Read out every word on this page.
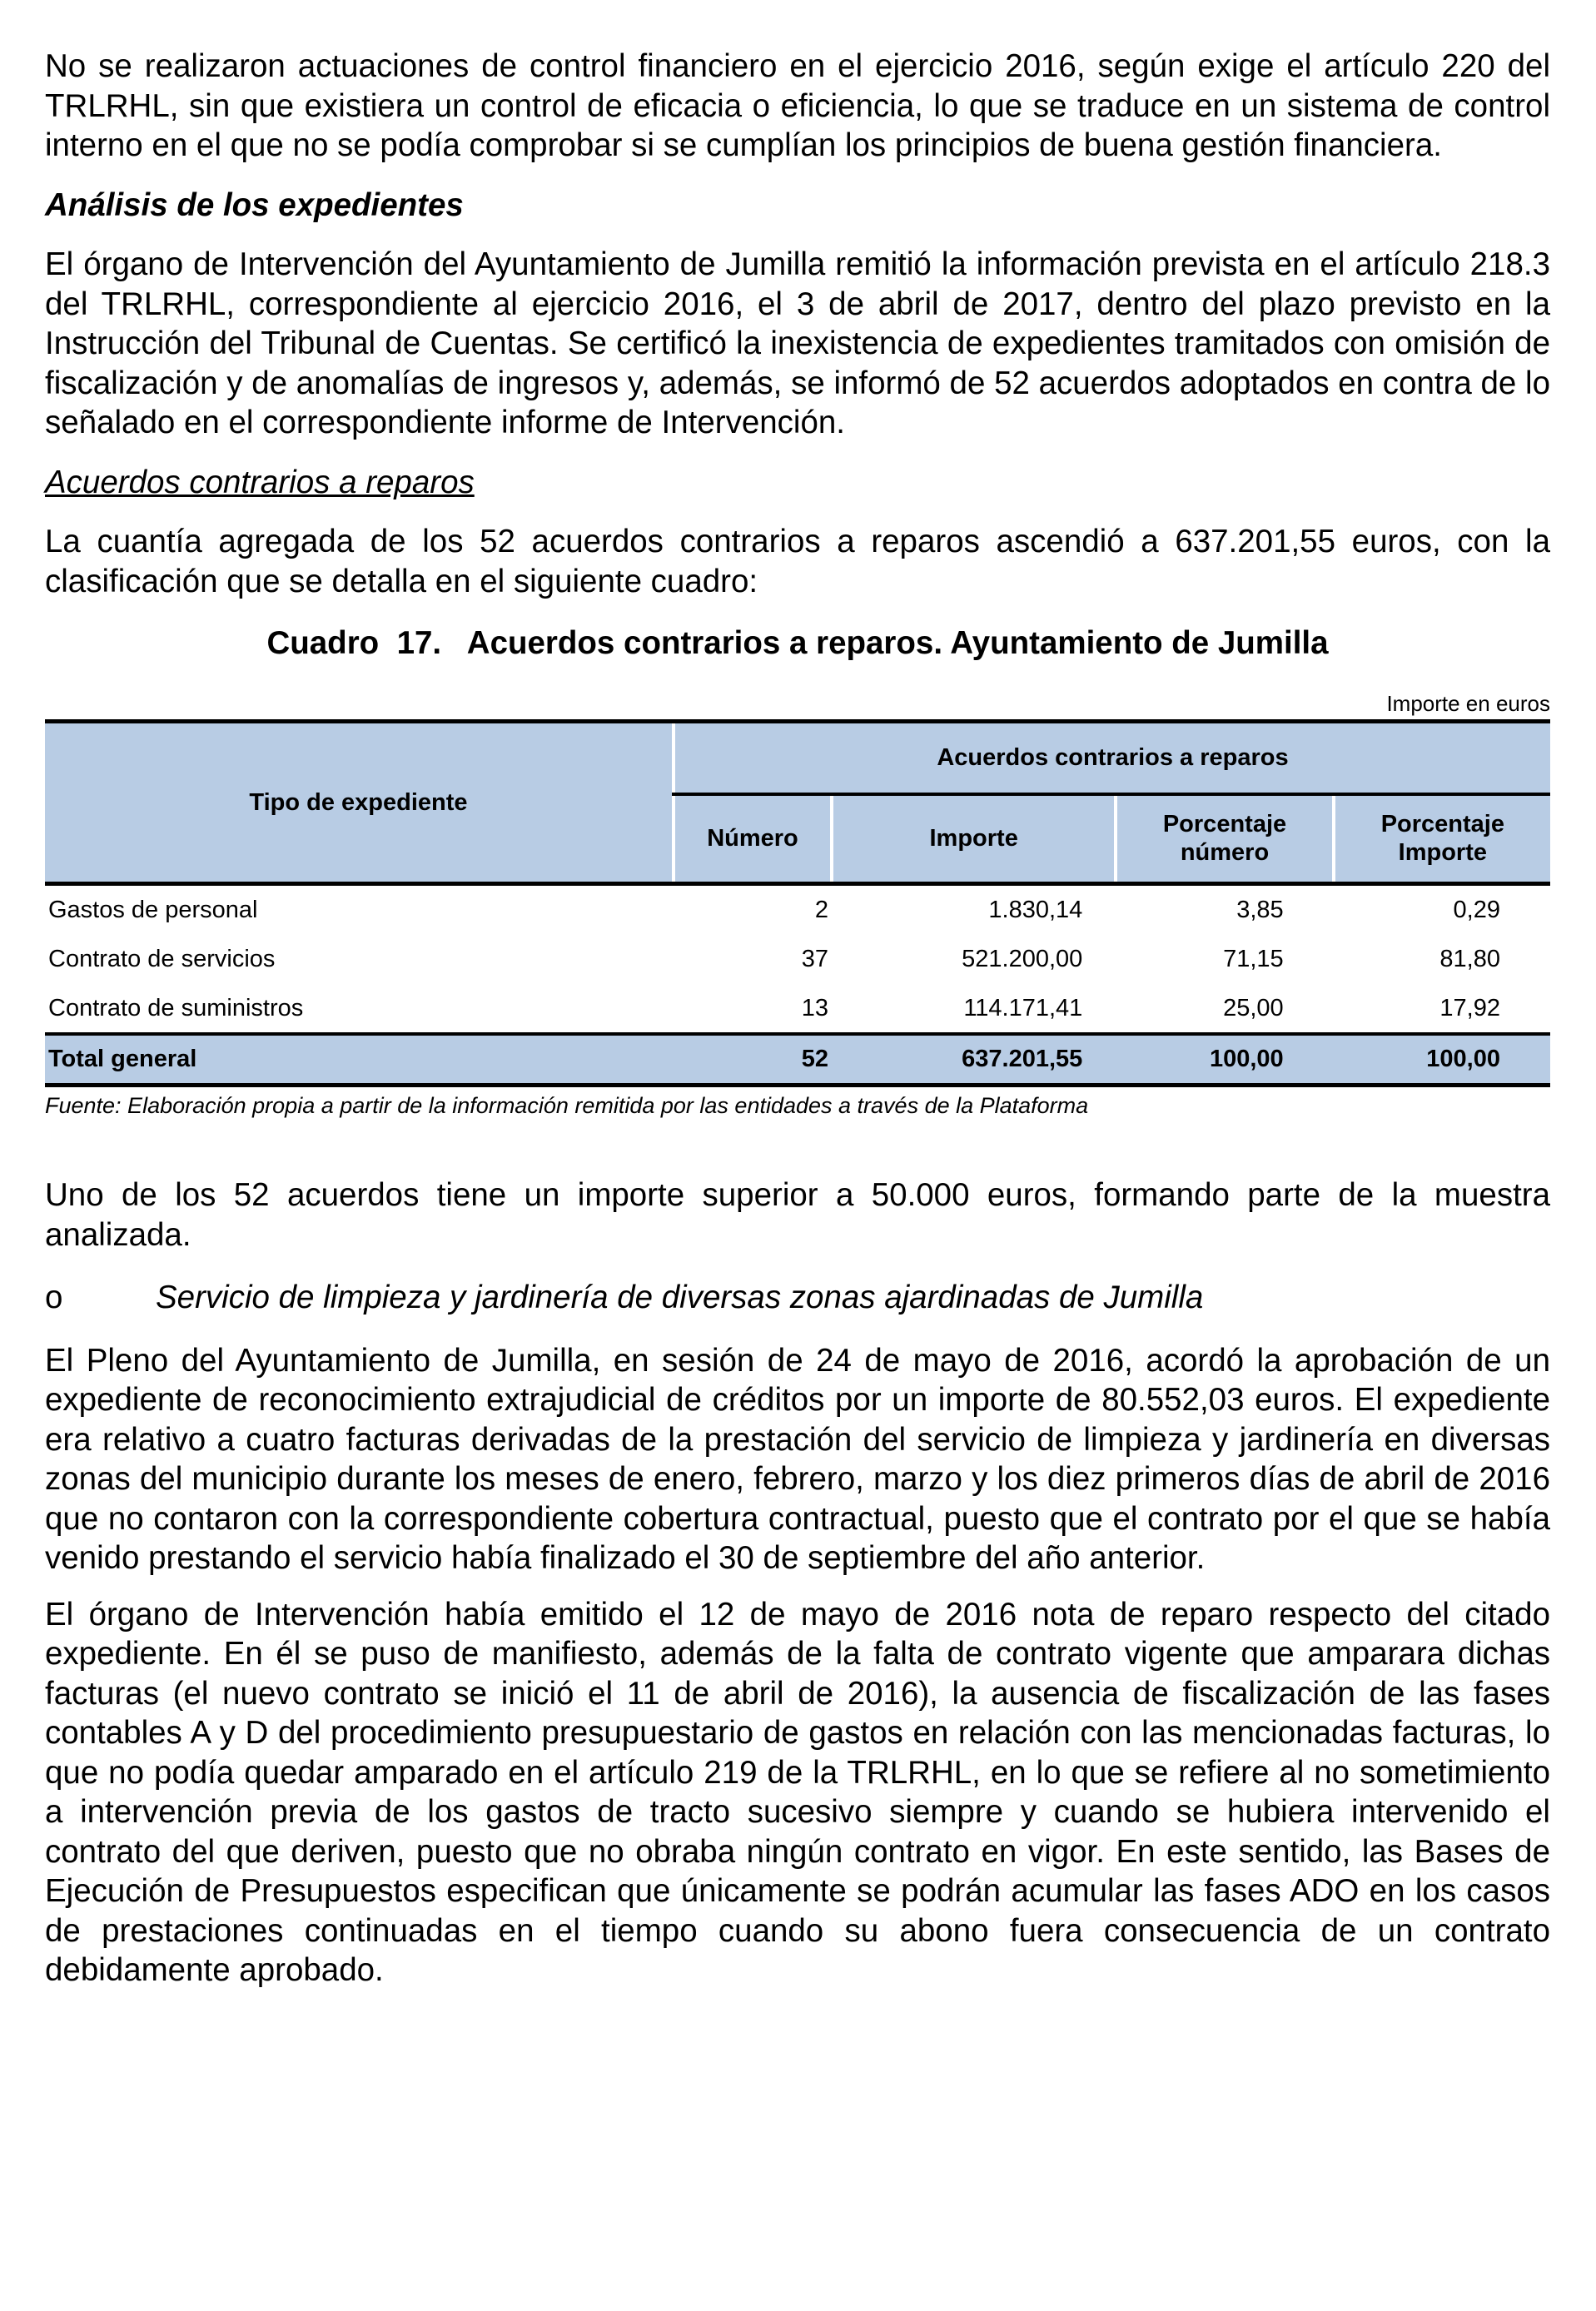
No se realizaron actuaciones de control financiero en el ejercicio 2016, según exige el artículo 220 del TRLRHL, sin que existiera un control de eficacia o eficiencia, lo que se traduce en un sistema de control interno en el que no se podía comprobar si se cumplían los principios de buena gestión financiera.

Análisis de los expedientes

El órgano de Intervención del Ayuntamiento de Jumilla remitió la información prevista en el artículo 218.3 del TRLRHL, correspondiente al ejercicio 2016, el 3 de abril de 2017, dentro del plazo previsto en la Instrucción del Tribunal de Cuentas. Se certificó la inexistencia de expedientes tramitados con omisión de fiscalización y de anomalías de ingresos y, además, se informó de 52 acuerdos adoptados en contra de lo señalado en el correspondiente informe de Intervención.

Acuerdos contrarios a reparos

La cuantía agregada de los 52 acuerdos contrarios a reparos ascendió a 637.201,55 euros, con la clasificación que se detalla en el siguiente cuadro:

Cuadro  17.   Acuerdos contrarios a reparos. Ayuntamiento de Jumilla

Importe en euros
Tipo de expediente	Acuerdos contrarios a reparos			
	Número	Importe	Porcentaje número	Porcentaje Importe
Gastos de personal	2	1.830,14	3,85	0,29
Contrato de servicios	37	521.200,00	71,15	81,80
Contrato de suministros	13	114.171,41	25,00	17,92
Total general	52	637.201,55	100,00	100,00

Fuente: Elaboración propia a partir de la información remitida por las entidades a través de la Plataforma

Uno de los 52 acuerdos tiene un importe superior a 50.000 euros, formando parte de la muestra analizada.

o	Servicio de limpieza y jardinería de diversas zonas ajardinadas de Jumilla

El Pleno del Ayuntamiento de Jumilla, en sesión de 24 de mayo de 2016, acordó la aprobación de un expediente de reconocimiento extrajudicial de créditos por un importe de 80.552,03 euros. El expediente era relativo a cuatro facturas derivadas de la prestación del servicio de limpieza y jardinería en diversas zonas del municipio durante los meses de enero, febrero, marzo y los diez primeros días de abril de 2016 que no contaron con la correspondiente cobertura contractual, puesto que el contrato por el que se había venido prestando el servicio había finalizado el 30 de septiembre del año anterior.

El órgano de Intervención había emitido el 12 de mayo de 2016 nota de reparo respecto del citado expediente. En él se puso de manifiesto, además de la falta de contrato vigente que amparara dichas facturas (el nuevo contrato se inició el 11 de abril de 2016), la ausencia de fiscalización de las fases contables A y D del procedimiento presupuestario de gastos en relación con las mencionadas facturas, lo que no podía quedar amparado en el artículo 219 de la TRLRHL, en lo que se refiere al no sometimiento a intervención previa de los gastos de tracto sucesivo siempre y cuando se hubiera intervenido el contrato del que deriven, puesto que no obraba ningún contrato en vigor. En este sentido, las Bases de Ejecución de Presupuestos especifican que únicamente se podrán acumular las fases ADO en los casos de prestaciones continuadas en el tiempo cuando su abono fuera consecuencia de un contrato debidamente aprobado.
